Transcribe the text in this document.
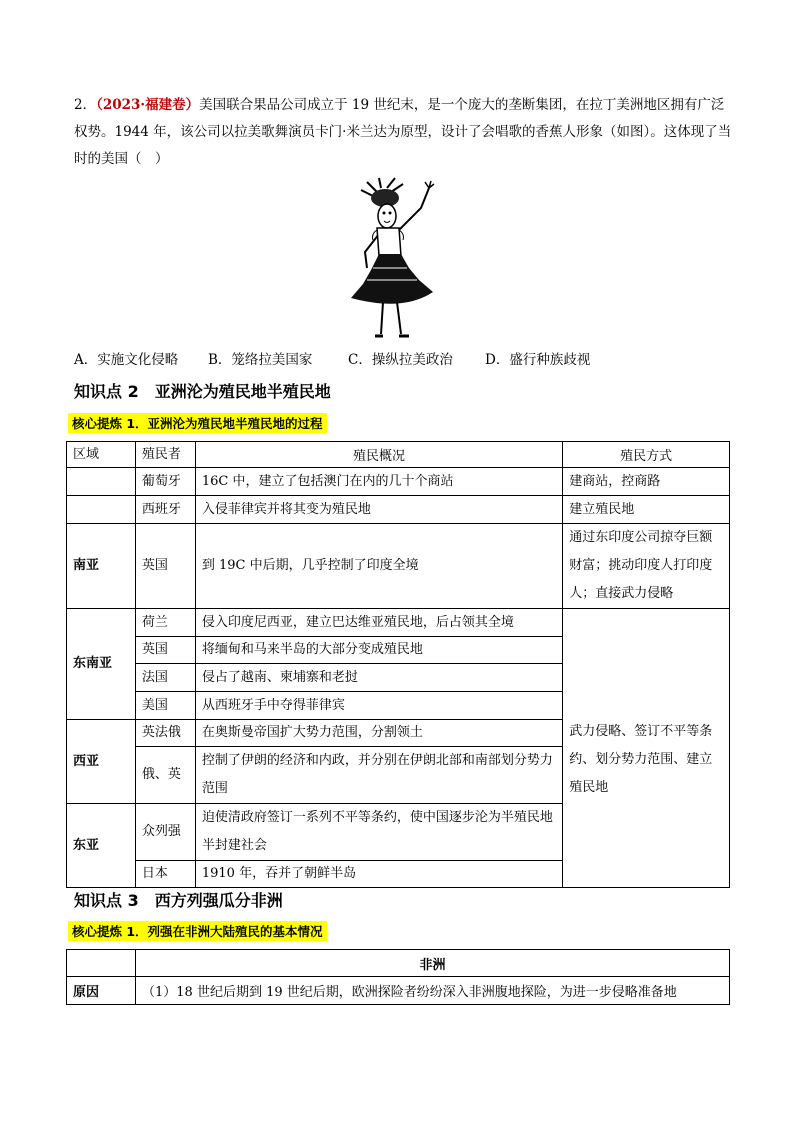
2．（2023·福建卷）美国联合果品公司成立于 19 世纪末，是一个庞大的垄断集团，在拉丁美洲地区拥有广泛权势。1944 年，该公司以拉美歌舞演员卡门·米兰达为原型，设计了会唱歌的香蕉人形象（如图）。这体现了当时的美国（　）
A．实施文化侵略	B．笼络拉美国家	C．操纵拉美政治	D．盛行种族歧视
知识点 2　亚洲沦为殖民地半殖民地
核心提炼 1．亚洲沦为殖民地半殖民地的过程
区域	殖民者	殖民概况	殖民方式
	葡萄牙	16C 中，建立了包括澳门在内的几十个商站	建商站，控商路
	西班牙	入侵菲律宾并将其变为殖民地	建立殖民地
南亚	英国	到 19C 中后期，几乎控制了印度全境	通过东印度公司掠夺巨额财富；挑动印度人打印度人；直接武力侵略
东南亚	荷兰	侵入印度尼西亚，建立巴达维亚殖民地，后占领其全境	武力侵略、签订不平等条约、划分势力范围、建立殖民地
	英国	将缅甸和马来半岛的大部分变成殖民地	
	法国	侵占了越南、柬埔寨和老挝	
	美国	从西班牙手中夺得菲律宾	
西亚	英法俄	在奥斯曼帝国扩大势力范围，分割领土	
	俄、英	控制了伊朗的经济和内政，并分别在伊朗北部和南部划分势力范围	
东亚	众列强	迫使清政府签订一系列不平等条约，使中国逐步沦为半殖民地半封建社会	
	日本	1910 年，吞并了朝鲜半岛	
知识点 3　西方列强瓜分非洲
核心提炼 1．列强在非洲大陆殖民的基本情况
	非洲
原因	（1）18 世纪后期到 19 世纪后期，欧洲探险者纷纷深入非洲腹地探险，为进一步侵略准备地
